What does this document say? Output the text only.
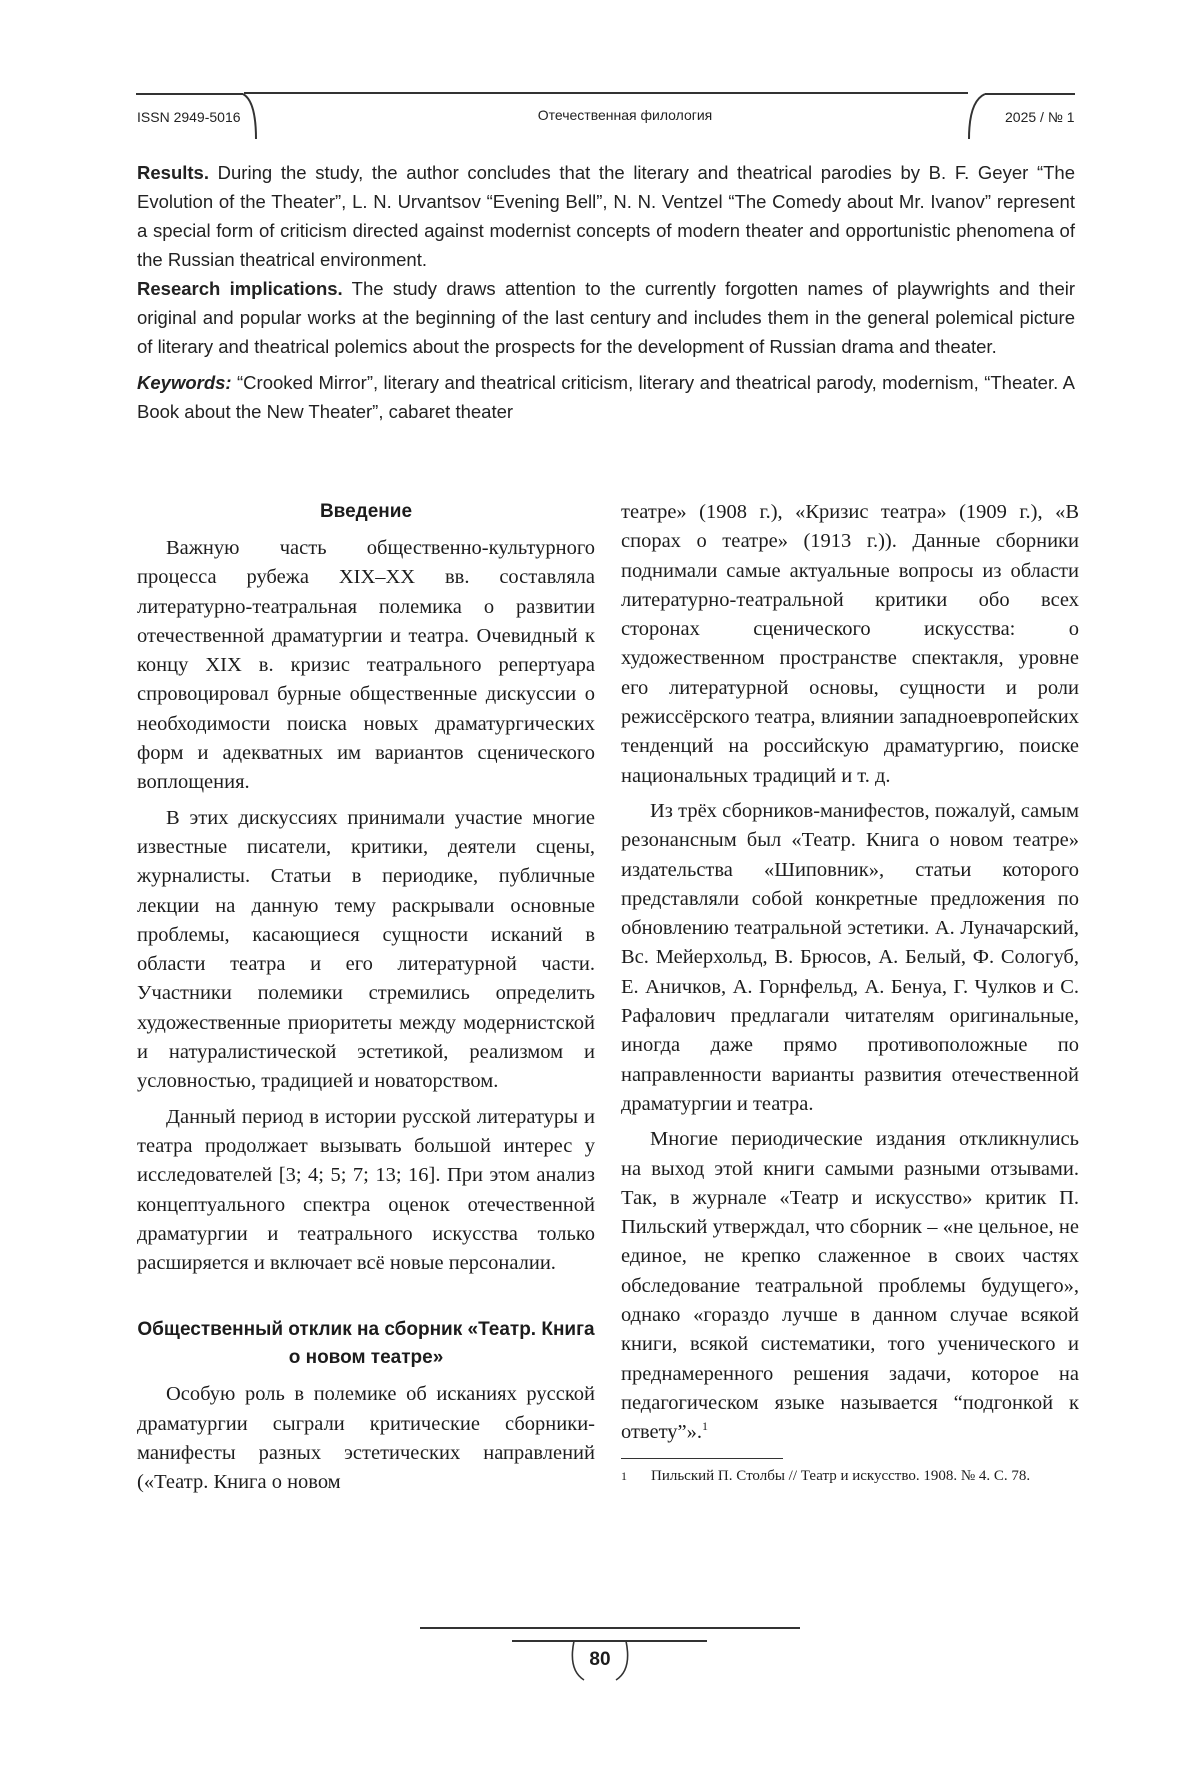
ISSN 2949-5016	Отечественная филология	2025 / № 1

Results. During the study, the author concludes that the literary and theatrical parodies by B. F. Geyer “The Evolution of the Theater”, L. N. Urvantsov “Evening Bell”, N. N. Ventzel “The Comedy about Mr. Ivanov” represent a special form of criticism directed against modernist concepts of modern theater and opportunistic phenomena of the Russian theatrical environment.

Research implications. The study draws attention to the currently forgotten names of playwrights and their original and popular works at the beginning of the last century and includes them in the general polemical picture of literary and theatrical polemics about the prospects for the development of Russian drama and theater.

Keywords: “Crooked Mirror”, literary and theatrical criticism, literary and theatrical parody, modernism, “Theater. A Book about the New Theater”, cabaret theater

Введение

Важную часть общественно-культурного процесса рубежа XIX–XX вв. составляла литературно-театральная полемика о развитии отечественной драматургии и театра. Очевидный к концу XIX в. кризис театрального репертуара спровоцировал бурные общественные дискуссии о необходимости поиска новых драматургических форм и адекватных им вариантов сценического воплощения.

В этих дискуссиях принимали участие многие известные писатели, критики, деятели сцены, журналисты. Статьи в периодике, публичные лекции на данную тему раскрывали основные проблемы, касающиеся сущности исканий в области театра и его литературной части. Участники полемики стремились определить художественные приоритеты между модернистской и натуралистической эстетикой, реализмом и условностью, традицией и новаторством.

Данный период в истории русской литературы и театра продолжает вызывать большой интерес у исследователей [3; 4; 5; 7; 13; 16]. При этом анализ концептуального спектра оценок отечественной драматургии и театрального искусства только расширяется и включает всё новые персоналии.

Общественный отклик на сборник «Театр. Книга о новом театре»

Особую роль в полемике об исканиях русской драматургии сыграли критические сборники-манифесты разных эстетических направлений («Театр. Книга о новом

театре» (1908 г.), «Кризис театра» (1909 г.), «В спорах о театре» (1913 г.)). Данные сборники поднимали самые актуальные вопросы из области литературно-театральной критики обо всех сторонах сценического искусства: о художественном пространстве спектакля, уровне его литературной основы, сущности и роли режиссёрского театра, влиянии западноевропейских тенденций на российскую драматургию, поиске национальных традиций и т. д.

Из трёх сборников-манифестов, пожалуй, самым резонансным был «Театр. Книга о новом театре» издательства «Шиповник», статьи которого представляли собой конкретные предложения по обновлению театральной эстетики. А. Луначарский, Вс. Мейерхольд, В. Брюсов, А. Белый, Ф. Сологуб, Е. Аничков, А. Горнфельд, А. Бенуа, Г. Чулков и С. Рафалович предлагали читателям оригинальные, иногда даже прямо противоположные по направленности варианты развития отечественной драматургии и театра.

Многие периодические издания откликнулись на выход этой книги самыми разными отзывами. Так, в журнале «Театр и искусство» критик П. Пильский утверждал, что сборник – «не цельное, не единое, не крепко слаженное в своих частях обследование театральной проблемы будущего», однако «гораздо лучше в данном случае всякой книги, всякой систематики, того ученического и преднамеренного решения задачи, которое на педагогическом языке называется “подгонкой к ответу”».$^1$

1	Пильский П. Столбы // Театр и искусство. 1908. № 4. С. 78.
80
